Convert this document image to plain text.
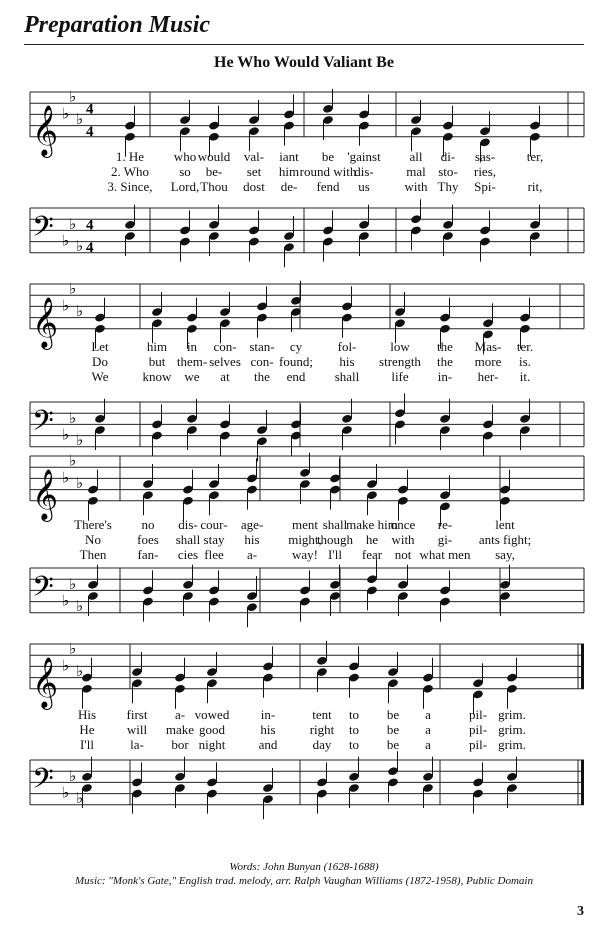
Preparation Music
He Who Would Valiant Be
𝄞 ♭
♭
♭
4
4
𝄢 ♭
♭
♭
4
4
𝄞 ♭
♭
♭
𝄢 ♭
♭
♭
𝄞 ♭
♭
♭
𝄢 ♭
♭
♭
𝄞 ♭
♭
♭
𝄢 ♭
♭
♭
1. He who would val- iant be 'gainst all di- sas- ter,
2. Who so be- set him round with
dis-	mal sto- ries,
3. Since, Lord, Thou dost de- fend us	with Thy Spi- rit,
Let	him in con- stan- cy	fol-	low the Mas- ter.
Do	but them- selves con- found; his strength the more is.
We	know we at the end shall life in- her- it.
There's no dis- cour- age- ment shall
make him
once re-	lent
No	foes shall stay his might,
though he with gi- ants fight;
Then fan- cies flee a-	way! I'll fear not what men say,
His first a- vowed in-	tent to be a	pil- grim.
He will make good	his	right to be a	pil- grim.
I'll	la- bor night	and	day to be a	pil- grim.
Words: John Bunyan (1628-1688)
Music: "Monk's Gate," English trad. melody, arr. Ralph Vaughan Williams (1872-1958), Public Domain
3
